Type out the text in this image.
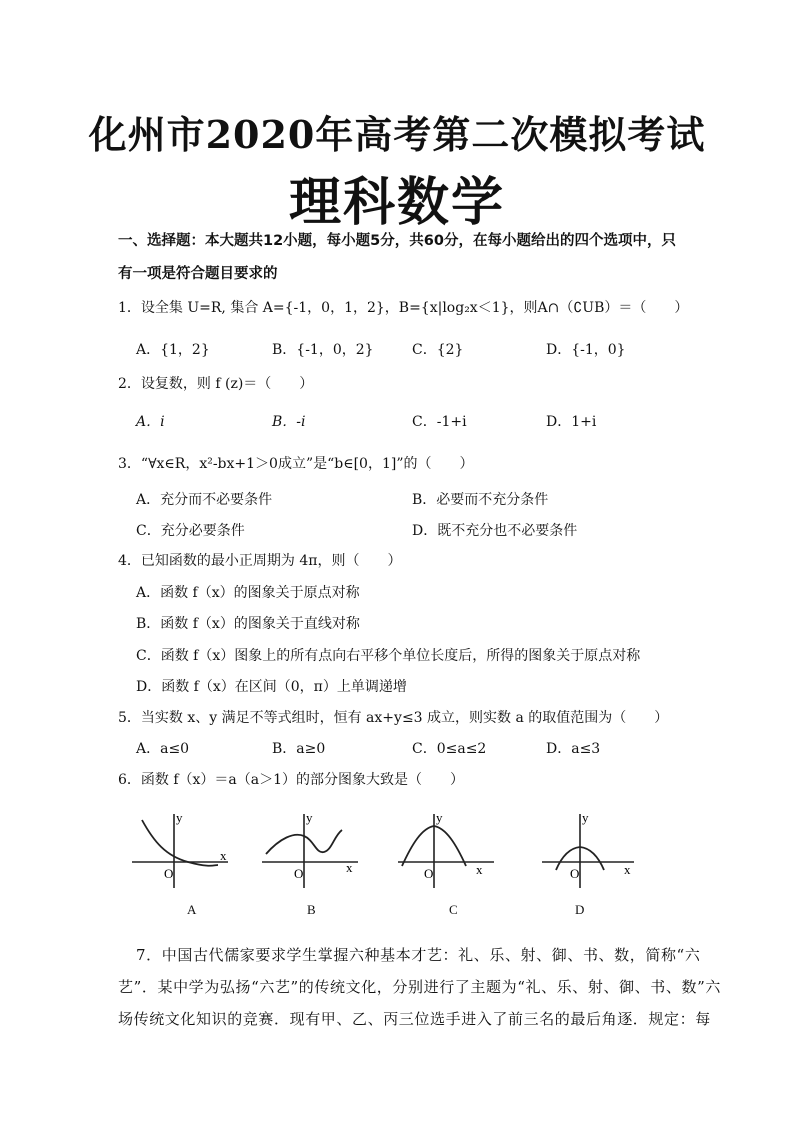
化州市2020年高考第二次模拟考试
理科数学
一、选择题：本大题共12小题，每小题5分，共60分，在每小题给出的四个选项中，只
有一项是符合题目要求的
1．设全集 U=R, 集合 A={-1，0，1，2}，B={x|log₂x＜1}，则A∩（∁UB）＝（　　）
A．{1，2}	B．{-1，0，2}	C．{2}	D．{-1，0}
2．设复数，则 f (z)＝（　　）
A．i	B．-i	C．-1+i	D．1+i
3．“∀x∈R，x²-bx+1＞0成立”是“b∈[0，1]”的（　　）
A．充分而不必要条件	B．必要而不充分条件
C．充分必要条件	D．既不充分也不必要条件
4．已知函数的最小正周期为 4π，则（　　）
A．函数 f（x）的图象关于原点对称
B．函数 f（x）的图象关于直线对称
C．函数 f（x）图象上的所有点向右平移个单位长度后，所得的图象关于原点对称
D．函数 f（x）在区间（0，π）上单调递增
5．当实数 x、y 满足不等式组时，恒有 ax+y≤3 成立，则实数 a 的取值范围为（　　）
A．a≤0	B．a≥0	C．0≤a≤2	D．a≤3
6．函数 f（x）＝a（a＞1）的部分图象大致是（　　）
y
x
O
A
y
x
O
B
y
x
O
C
y
x
O
D
7．中国古代儒家要求学生掌握六种基本才艺：礼、乐、射、御、书、数，简称“六
艺”．某中学为弘扬“六艺”的传统文化，分别进行了主题为“礼、乐、射、御、书、数”六
场传统文化知识的竞赛．现有甲、乙、丙三位选手进入了前三名的最后角逐．规定：每
